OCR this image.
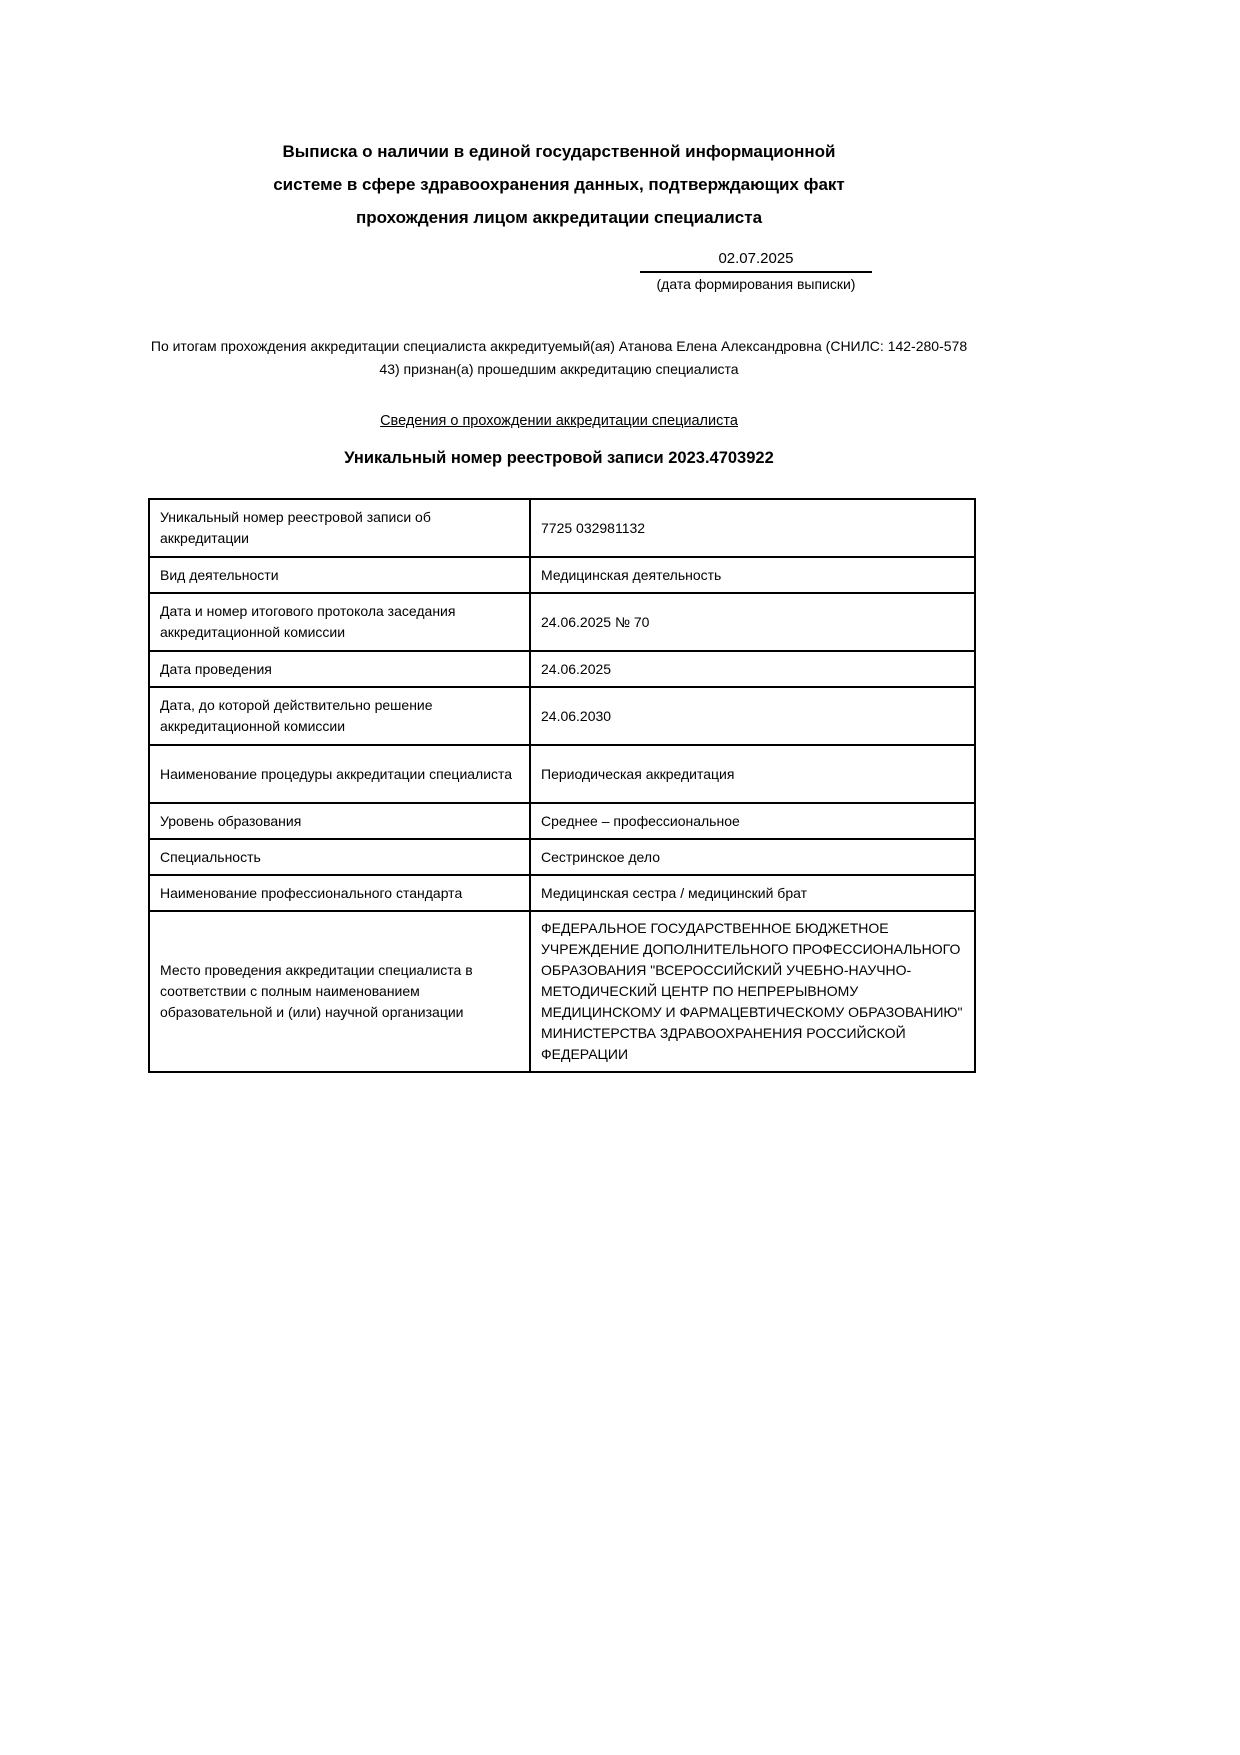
Выписка о наличии в единой государственной информационной
системе в сфере здравоохранения данных, подтверждающих факт
прохождения лицом аккредитации специалиста
02.07.2025
(дата формирования выписки)
По итогам прохождения аккредитации специалиста аккредитуемый(ая) Атанова Елена Александровна (СНИЛС: 142-280-578 43) признан(а) прошедшим аккредитацию специалиста
Сведения о прохождении аккредитации специалиста
Уникальный номер реестровой записи 2023.4703922
Уникальный номер реестровой записи об аккредитации	7725 032981132
Вид деятельности	Медицинская деятельность
Дата и номер итогового протокола заседания аккредитационной комиссии	24.06.2025 № 70
Дата проведения	24.06.2025
Дата, до которой действительно решение аккредитационной комиссии	24.06.2030
Наименование процедуры аккредитации специалиста	Периодическая аккредитация
Уровень образования	Среднее – профессиональное
Специальность	Сестринское дело
Наименование профессионального стандарта	Медицинская сестра / медицинский брат
Место проведения аккредитации специалиста в соответствии с полным наименованием образовательной и (или) научной организации	ФЕДЕРАЛЬНОЕ ГОСУДАРСТВЕННОЕ БЮДЖЕТНОЕ УЧРЕЖДЕНИЕ ДОПОЛНИТЕЛЬНОГО ПРОФЕССИОНАЛЬНОГО ОБРАЗОВАНИЯ "ВСЕРОССИЙСКИЙ УЧЕБНО-НАУЧНО-МЕТОДИЧЕСКИЙ ЦЕНТР ПО НЕПРЕРЫВНОМУ МЕДИЦИНСКОМУ И ФАРМАЦЕВТИЧЕСКОМУ ОБРАЗОВАНИЮ" МИНИСТЕРСТВА ЗДРАВООХРАНЕНИЯ РОССИЙСКОЙ ФЕДЕРАЦИИ
